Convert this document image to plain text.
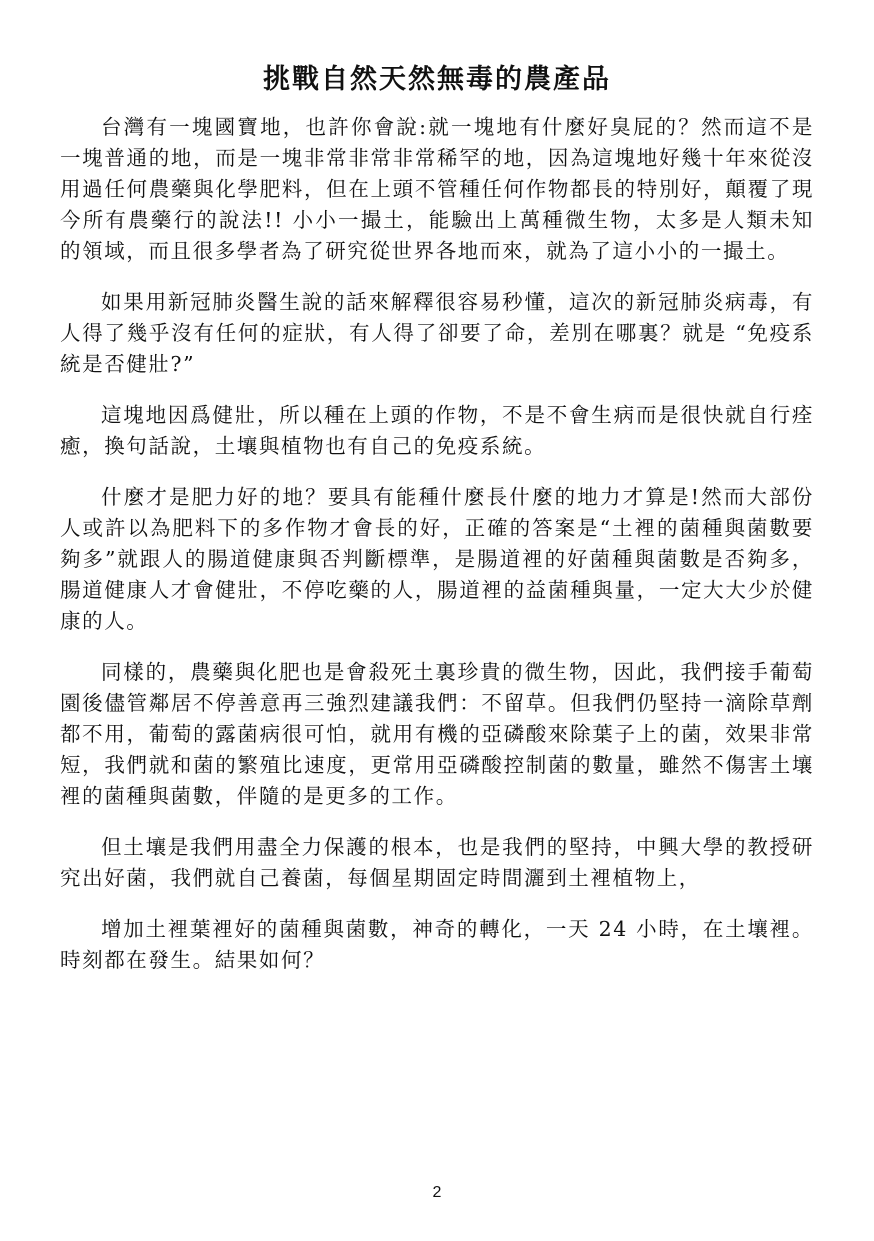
挑戰自然天然無毒的農產品

台灣有一塊國寶地，也許你會說:就一塊地有什麼好臭屁的？然而這不是一塊普通的地，而是一塊非常非常非常稀罕的地，因為這塊地好幾十年來從沒用過任何農藥與化學肥料，但在上頭不管種任何作物都長的特別好，顛覆了現今所有農藥行的說法!! 小小一撮土，能驗出上萬種微生物，太多是人類未知的領域，而且很多學者為了研究從世界各地而來，就為了這小小的一撮土。

如果用新冠肺炎醫生說的話來解釋很容易秒懂，這次的新冠肺炎病毒，有人得了幾乎沒有任何的症狀，有人得了卻要了命，差別在哪裏？就是 “免疫系統是否健壯?”

這塊地因爲健壯，所以種在上頭的作物，不是不會生病而是很快就自行痊癒，換句話說，土壤與植物也有自己的免疫系統。

什麼才是肥力好的地？要具有能種什麼長什麼的地力才算是!然而大部份人或許以為肥料下的多作物才會長的好，正確的答案是“土裡的菌種與菌數要夠多”就跟人的腸道健康與否判斷標準，是腸道裡的好菌種與菌數是否夠多，腸道健康人才會健壯，不停吃藥的人，腸道裡的益菌種與量，一定大大少於健康的人。

同樣的，農藥與化肥也是會殺死土裏珍貴的微生物，因此，我們接手葡萄園後儘管鄰居不停善意再三強烈建議我們：不留草。但我們仍堅持一滴除草劑都不用，葡萄的露菌病很可怕，就用有機的亞磷酸來除葉子上的菌，效果非常短，我們就和菌的繁殖比速度，更常用亞磷酸控制菌的數量，雖然不傷害土壤裡的菌種與菌數，伴隨的是更多的工作。

但土壤是我們用盡全力保護的根本，也是我們的堅持，中興大學的教授研究出好菌，我們就自己養菌，每個星期固定時間灑到土裡植物上，

增加土裡葉裡好的菌種與菌數，神奇的轉化，一天 24 小時，在土壤裡。時刻都在發生。結果如何？

2
